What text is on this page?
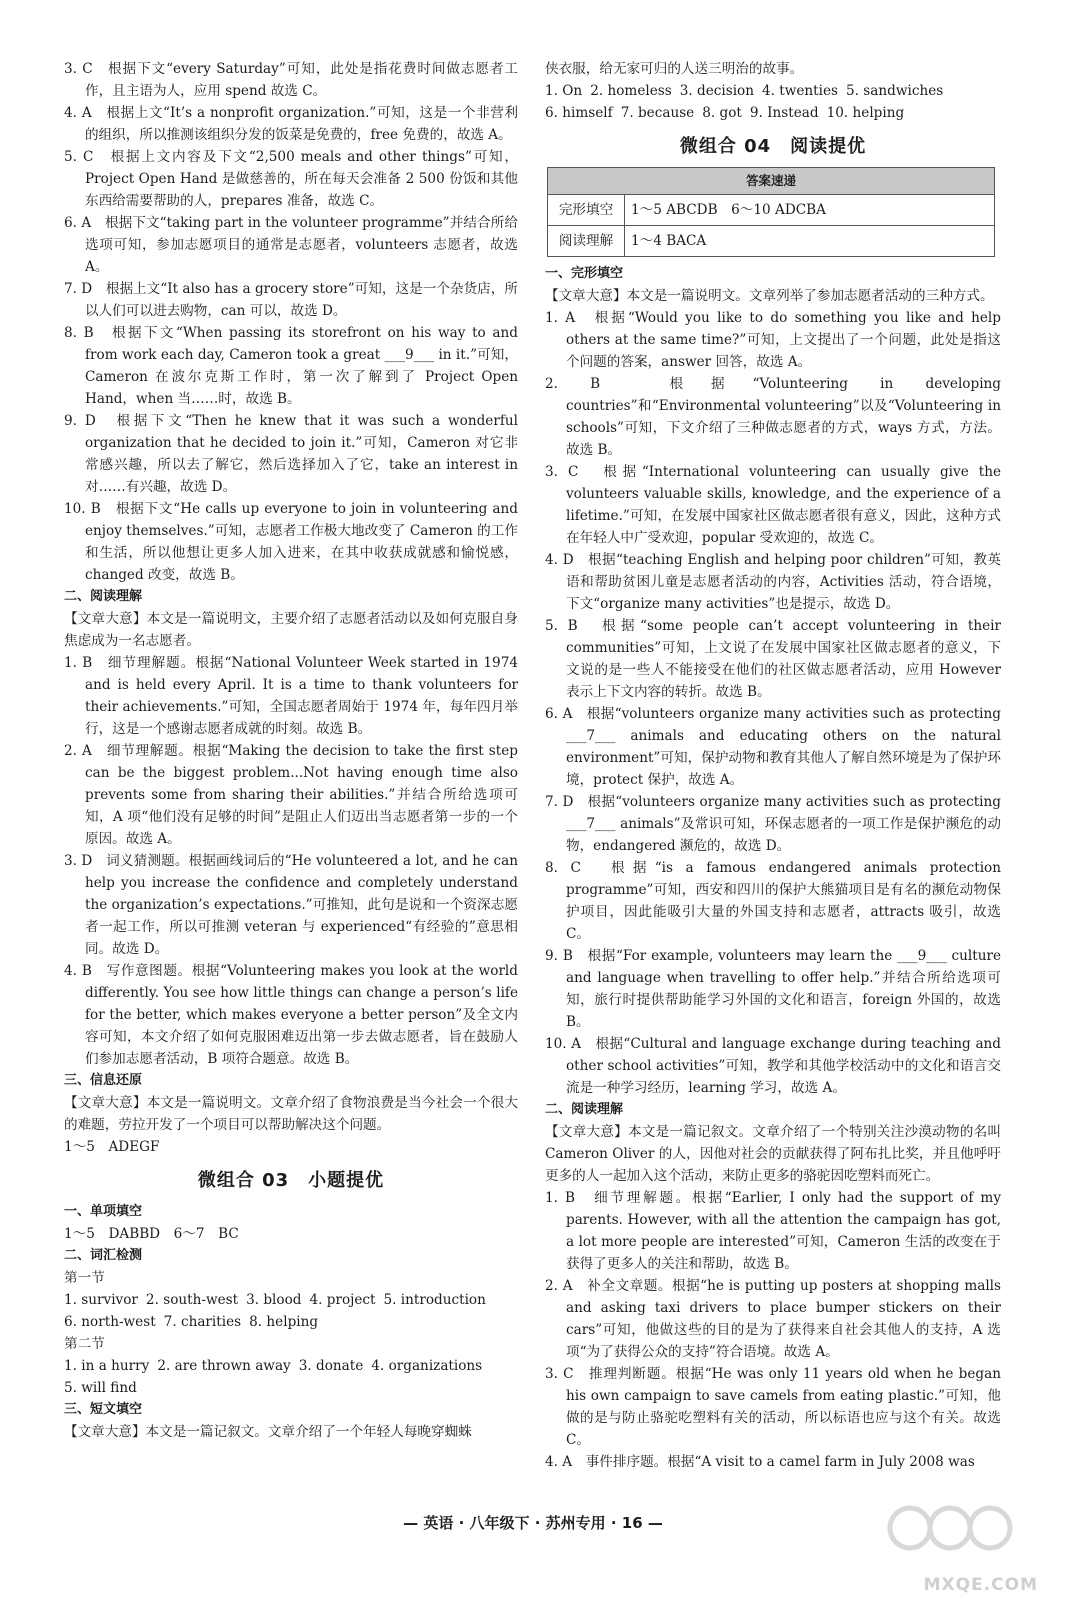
3. C　根据下文“every Saturday”可知，此处是指花费时间做志愿者工作，且主语为人，应用 spend 故选 C。

4. A　根据上文“It’s a nonprofit organization.”可知，这是一个非营利的组织，所以推测该组织分发的饭菜是免费的，free 免费的，故选 A。

5. C　根据上文内容及下文“2,500 meals and other things”可知，Project Open Hand 是做慈善的，所在每天会准备 2 500 份饭和其他东西给需要帮助的人，prepares 准备，故选 C。

6. A　根据下文“taking part in the volunteer programme”并结合所给选项可知，参加志愿项目的通常是志愿者，volunteers 志愿者，故选 A。

7. D　根据上文“It also has a grocery store”可知，这是一个杂货店，所以人们可以进去购物，can 可以，故选 D。

8. B　根据下文“When passing its storefront on his way to and from work each day, Cameron took a great ___9___ in it.”可知，Cameron 在波尔克斯工作时，第一次了解到了 Project Open Hand，when 当……时，故选 B。

9. D　根据下文“Then he knew that it was such a wonderful organization that he decided to join it.”可知，Cameron 对它非常感兴趣，所以去了解它，然后选择加入了它，take an interest in 对……有兴趣，故选 D。

10. B　根据下文“He calls up everyone to join in volunteering and enjoy themselves.”可知，志愿者工作极大地改变了 Cameron 的工作和生活，所以他想让更多人加入进来，在其中收获成就感和愉悦感，changed 改变，故选 B。

二、阅读理解

【文章大意】本文是一篇说明文，主要介绍了志愿者活动以及如何克服自身焦虑成为一名志愿者。

1. B　细节理解题。根据“National Volunteer Week started in 1974 and is held every April. It is a time to thank volunteers for their achievements.”可知，全国志愿者周始于 1974 年，每年四月举行，这是一个感谢志愿者成就的时刻。故选 B。

2. A　细节理解题。根据“Making the decision to take the first step can be the biggest problem...Not having enough time also prevents some from sharing their abilities.”并结合所给选项可知，A 项“他们没有足够的时间”是阻止人们迈出当志愿者第一步的一个原因。故选 A。

3. D　词义猜测题。根据画线词后的“He volunteered a lot, and he can help you increase the confidence and completely understand the organization’s expectations.”可推知，此句是说和一个资深志愿者一起工作，所以可推测 veteran 与 experienced“有经验的”意思相同。故选 D。

4. B　写作意图题。根据“Volunteering makes you look at the world differently. You see how little things can change a person’s life for the better, which makes everyone a better person”及全文内容可知，本文介绍了如何克服困难迈出第一步去做志愿者，旨在鼓励人们参加志愿者活动，B 项符合题意。故选 B。

三、信息还原

【文章大意】本文是一篇说明文。文章介绍了食物浪费是当今社会一个很大的难题，劳拉开发了一个项目可以帮助解决这个问题。

1～5　ADEGF

微组合 03　小题提优

一、单项填空

1～5　DABBD　6～7　BC

二、词汇检测

第一节

1. survivor 2. south-west 3. blood 4. project 5. introduction

6. north-west 7. charities 8. helping

第二节

1. in a hurry 2. are thrown away 3. donate 4. organizations

5. will find

三、短文填空

【文章大意】本文是一篇记叙文。文章介绍了一个年轻人每晚穿蜘蛛

侠衣服，给无家可归的人送三明治的故事。

1. On 2. homeless 3. decision 4. twenties 5. sandwiches

6. himself 7. because 8. got 9. Instead 10. helping

微组合 04　阅读提优

答案速递	
完形填空	1～5 ABCDB　6～10 ADCBA
阅读理解	1～4 BACA

一、完形填空

【文章大意】本文是一篇说明文。文章列举了参加志愿者活动的三种方式。

1. A　根据“Would you like to do something you like and help others at the same time?”可知，上文提出了一个问题，此处是指这个问题的答案，answer 回答，故选 A。

2. B　根据“Volunteering in developing countries”和“Environmental volunteering”以及“Volunteering in schools”可知，下文介绍了三种做志愿者的方式，ways 方式，方法。故选 B。

3. C　根据“International volunteering can usually give the volunteers valuable skills, knowledge, and the experience of a lifetime.”可知，在发展中国家社区做志愿者很有意义，因此，这种方式在年轻人中广受欢迎，popular 受欢迎的，故选 C。

4. D　根据“teaching English and helping poor children”可知，教英语和帮助贫困儿童是志愿者活动的内容，Activities 活动，符合语境，下文“organize many activities”也是提示，故选 D。

5. B　根据“some people can’t accept volunteering in their communities”可知，上文说了在发展中国家社区做志愿者的意义，下文说的是一些人不能接受在他们的社区做志愿者活动，应用 However 表示上下文内容的转折。故选 B。

6. A　根据“volunteers organize many activities such as protecting ___7___ animals and educating others on the natural environment”可知，保护动物和教育其他人了解自然环境是为了保护环境，protect 保护，故选 A。

7. D　根据“volunteers organize many activities such as protecting ___7___ animals”及常识可知，环保志愿者的一项工作是保护濒危的动物，endangered 濒危的，故选 D。

8. C　根据“is a famous endangered animals protection programme”可知，西安和四川的保护大熊猫项目是有名的濒危动物保护项目，因此能吸引大量的外国支持和志愿者，attracts 吸引，故选 C。

9. B　根据“For example, volunteers may learn the ___9___ culture and language when travelling to offer help.”并结合所给选项可知，旅行时提供帮助能学习外国的文化和语言，foreign 外国的，故选 B。

10. A　根据“Cultural and language exchange during teaching and other school activities”可知，教学和其他学校活动中的文化和语言交流是一种学习经历，learning 学习，故选 A。

二、阅读理解

【文章大意】本文是一篇记叙文。文章介绍了一个特别关注沙漠动物的名叫 Cameron Oliver 的人，因他对社会的贡献获得了阿布扎比奖，并且他呼吁更多的人一起加入这个活动，来防止更多的骆驼因吃塑料而死亡。

1. B　细节理解题。根据“Earlier, I only had the support of my parents. However, with all the attention the campaign has got, a lot more people are interested”可知，Cameron 生活的改变在于获得了更多人的关注和帮助，故选 B。

2. A　补全文章题。根据“he is putting up posters at shopping malls and asking taxi drivers to place bumper stickers on their cars”可知，他做这些的目的是为了获得来自社会其他人的支持，A 选项“为了获得公众的支持”符合语境。故选 A。

3. C　推理判断题。根据“He was only 11 years old when he began his own campaign to save camels from eating plastic.”可知，他做的是与防止骆驼吃塑料有关的活动，所以标语也应与这个有关。故选 C。

4. A　事件排序题。根据“A visit to a camel farm in July 2008 was

— 英语 · 八年级下 · 苏州专用 · 16 —
MXQE.COM
